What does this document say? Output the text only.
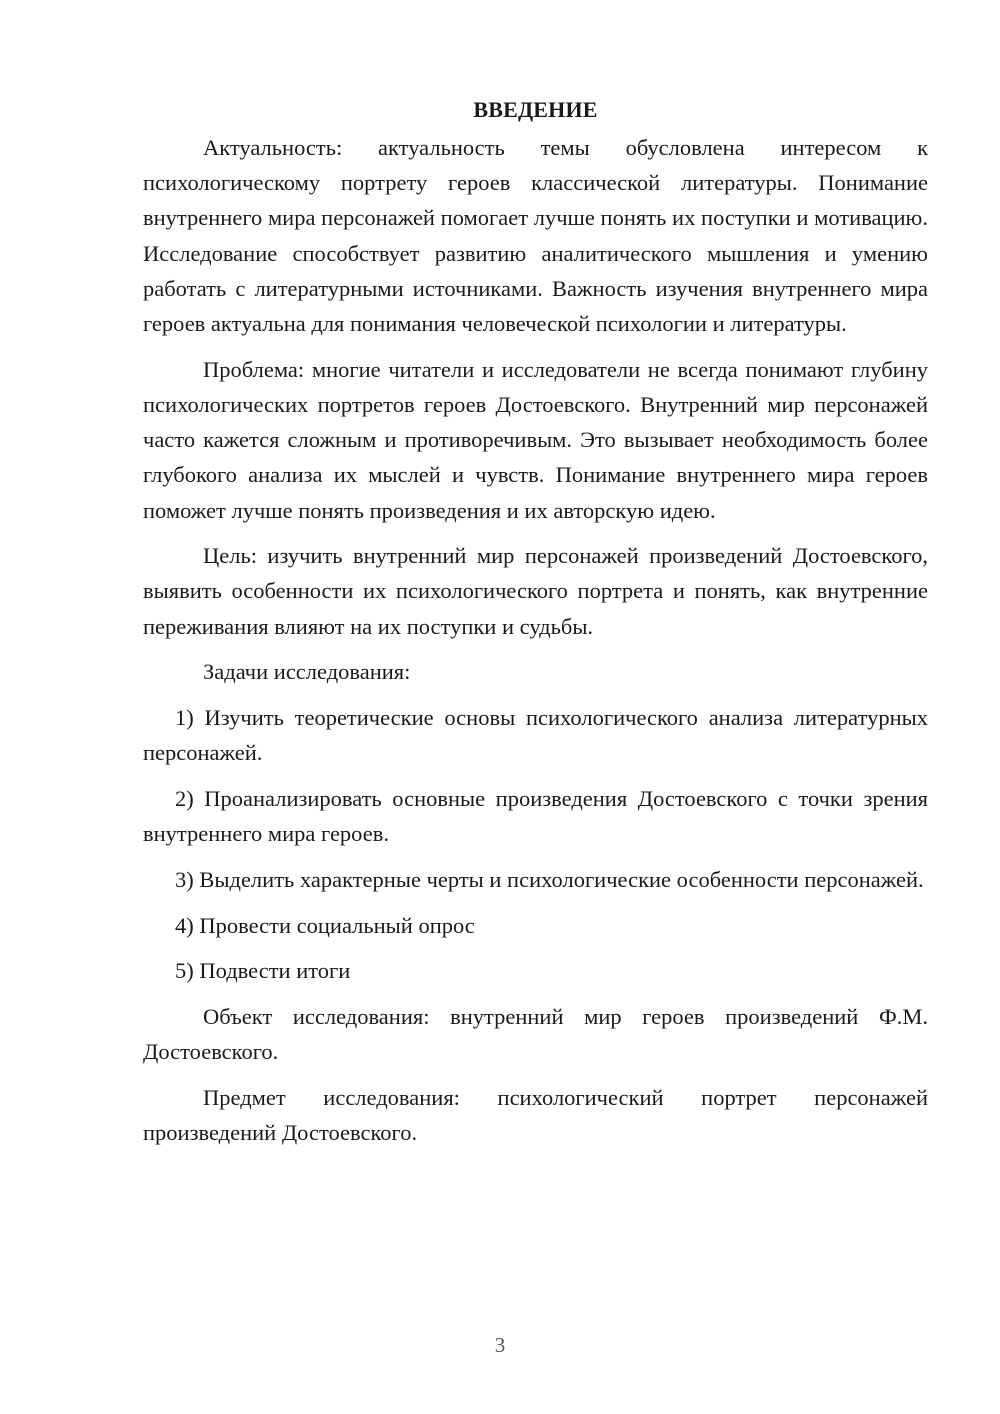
ВВЕДЕНИЕ

Актуальность: актуальность темы обусловлена интересом к психологическому портрету героев классической литературы. Понимание внутреннего мира персонажей помогает лучше понять их поступки и мотивацию. Исследование способствует развитию аналитического мышления и умению работать с литературными источниками. Важность изучения внутреннего мира героев актуальна для понимания человеческой психологии и литературы.

Проблема: многие читатели и исследователи не всегда понимают глубину психологических портретов героев Достоевского. Внутренний мир персонажей часто кажется сложным и противоречивым. Это вызывает необходимость более глубокого анализа их мыслей и чувств. Понимание внутреннего мира героев поможет лучше понять произведения и их авторскую идею.

Цель: изучить внутренний мир персонажей произведений Достоевского, выявить особенности их психологического портрета и понять, как внутренние переживания влияют на их поступки и судьбы.

Задачи исследования:

1) Изучить теоретические основы психологического анализа литературных персонажей.

2) Проанализировать основные произведения Достоевского с точки зрения внутреннего мира героев.

3) Выделить характерные черты и психологические особенности персонажей.

4) Провести социальный опрос

5) Подвести итоги

Объект исследования: внутренний мир героев произведений Ф.М. Достоевского.

Предмет исследования: психологический портрет персонажей произведений Достоевского.

3
